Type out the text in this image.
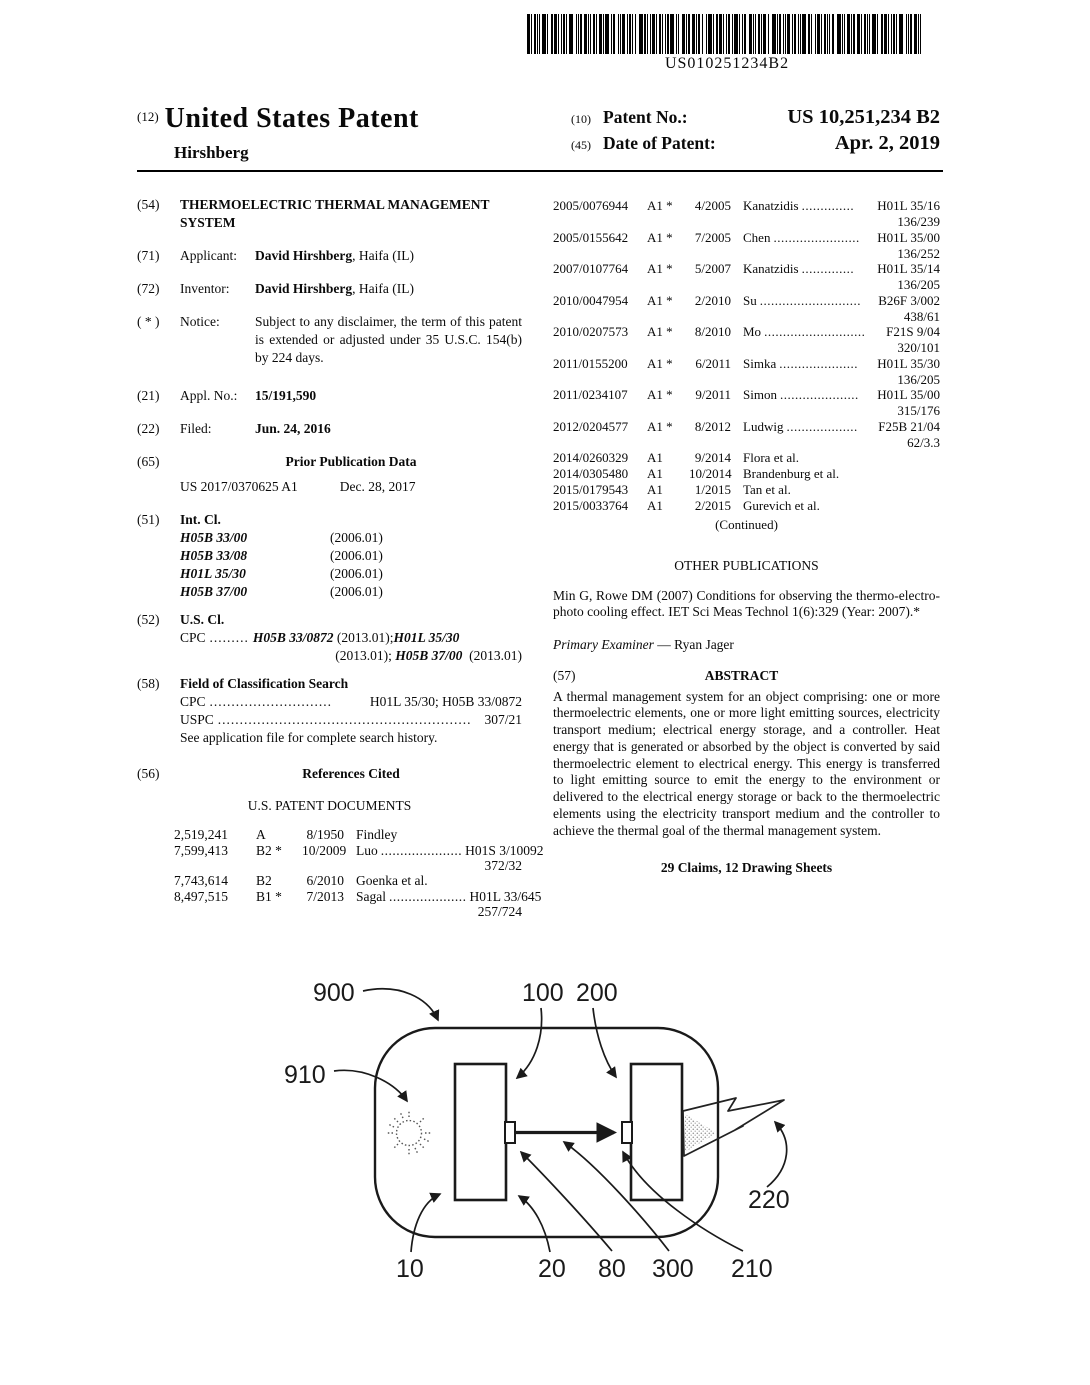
US010251234B2
$^{(12)}$ United States Patent
Hirshberg
(10) Patent No.:	US 10,251,234 B2
(45) Date of Patent:	Apr. 2, 2019
(54)	THERMOELECTRIC THERMAL MANAGEMENT SYSTEM
(71)	Applicant:	David Hirshberg, Haifa (IL)
(72)	Inventor:	David Hirshberg, Haifa (IL)
( * )	Notice:	Subject to any disclaimer, the term of this patent is extended or adjusted under 35 U.S.C. 154(b) by 224 days.
(21)	Appl. No.:	15/191,590
(22)	Filed:	Jun. 24, 2016
(65)	Prior Publication Data
US 2017/0370625 A1	Dec. 28, 2017
(51)	Int. Cl.
H05B 33/00	(2006.01)
H05B 33/08	(2006.01)
H01L 35/30	(2006.01)
H05B 37/00	(2006.01)
(52)	U.S. Cl.
CPC ......... H05B 33/0872 (2013.01); H01L 35/30
(2013.01); H05B 37/00  (2013.01)
(58)	Field of Classification Search
CPC ............................	H01L 35/30; H05B 33/0872
USPC .......................................................... 307/21
See application file for complete search history.
(56)	References Cited
U.S. PATENT DOCUMENTS
2,519,241	A	8/1950 Findley
7,599,413	B2 *	10/2009 Luo ..................... H01S 3/10092
372/32
7,743,614	B2	6/2010 Goenka et al.
8,497,515	B1 *	7/2013 Sagal .................... H01L 33/645
257/724
2005/0076944	A1 *	4/2005 Kanatzidis ..............	H01L 35/16
136/239
2005/0155642	A1 *	7/2005 Chen .......................	H01L 35/00
136/252
2007/0107764	A1 *	5/2007 Kanatzidis ..............	H01L 35/14
136/205
2010/0047954	A1 *	2/2010 Su ...........................	B26F 3/002
438/61
2010/0207573	A1 *	8/2010 Mo ...........................	F21S 9/04
320/101
2011/0155200	A1 *	6/2011 Simka .....................	H01L 35/30
136/205
2011/0234107	A1 *	9/2011 Simon .....................	H01L 35/00
315/176
2012/0204577	A1 *	8/2012 Ludwig ...................	F25B 21/04
62/3.3
2014/0260329	A1	9/2014 Flora et al.
2014/0305480	A1	10/2014 Brandenburg et al.
2015/0179543	A1	1/2015 Tan et al.
2015/0033764	A1	2/2015 Gurevich et al.
(Continued)
OTHER PUBLICATIONS
Min G, Rowe DM (2007) Conditions for observing the thermo-electro-photo cooling effect. IET Sci Meas Technol 1(6):329 (Year: 2007).*
Primary Examiner — Ryan Jager
(57)	ABSTRACT
A thermal management system for an object comprising: one or more thermoelectric elements, one or more light emitting sources, electricity transport medium; electrical energy storage, and a controller. Heat energy that is generated or absorbed by the object is converted by said thermoelectric element to electrical energy. This energy is transferred to light emitting source to emit the energy to the environment or delivered to the electrical energy storage or back to the thermoelectric elements using the electricity transport medium and the controller to achieve the thermal goal of the thermal management system.
29 Claims, 12 Drawing Sheets
900	100 200
910
220
10	20 80 300 210
